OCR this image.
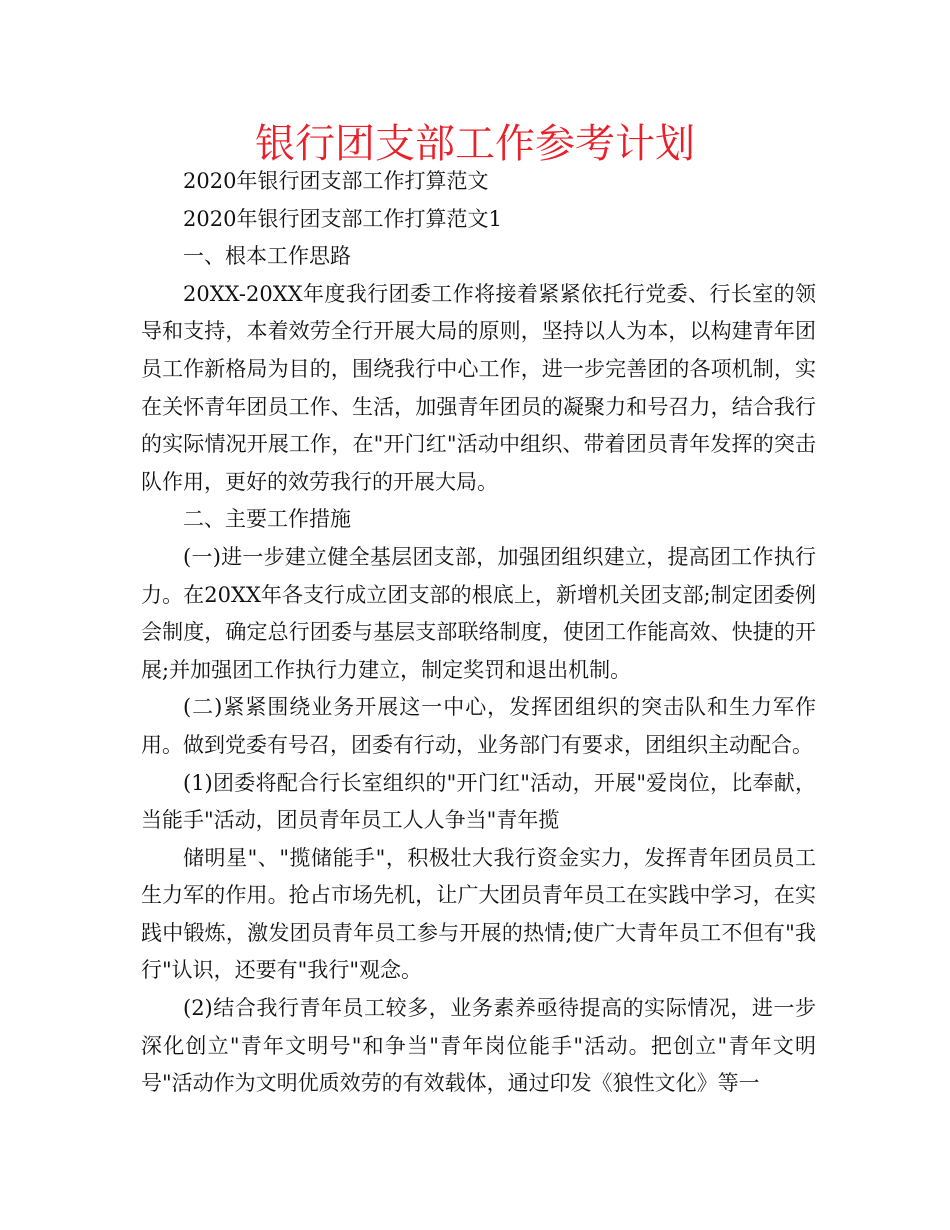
银行团支部工作参考计划

2020年银行团支部工作打算范文

2020年银行团支部工作打算范文1

一、根本工作思路

20XX-20XX年度我行团委工作将接着紧紧依托行党委、行长室的领导和支持，本着效劳全行开展大局的原则，坚持以人为本，以构建青年团员工作新格局为目的，围绕我行中心工作，进一步完善团的各项机制，实在关怀青年团员工作、生活，加强青年团员的凝聚力和号召力，结合我行的实际情况开展工作，在"开门红"活动中组织、带着团员青年发挥的突击队作用，更好的效劳我行的开展大局。

二、主要工作措施

(一)进一步建立健全基层团支部，加强团组织建立，提高团工作执行力。在20XX年各支行成立团支部的根底上，新增机关团支部;制定团委例会制度，确定总行团委与基层支部联络制度，使团工作能高效、快捷的开展;并加强团工作执行力建立，制定奖罚和退出机制。

(二)紧紧围绕业务开展这一中心，发挥团组织的突击队和生力军作用。做到党委有号召，团委有行动，业务部门有要求，团组织主动配合。

(1)团委将配合行长室组织的"开门红"活动，开展"爱岗位，比奉献，当能手"活动，团员青年员工人人争当"青年揽

储明星"、"揽储能手"，积极壮大我行资金实力，发挥青年团员员工生力军的作用。抢占市场先机，让广大团员青年员工在实践中学习，在实践中锻炼，激发团员青年员工参与开展的热情;使广大青年员工不但有"我行"认识，还要有"我行"观念。

(2)结合我行青年员工较多，业务素养亟待提高的实际情况，进一步深化创立"青年文明号"和争当"青年岗位能手"活动。把创立"青年文明号"活动作为文明优质效劳的有效载体，通过印发《狼性文化》等一
